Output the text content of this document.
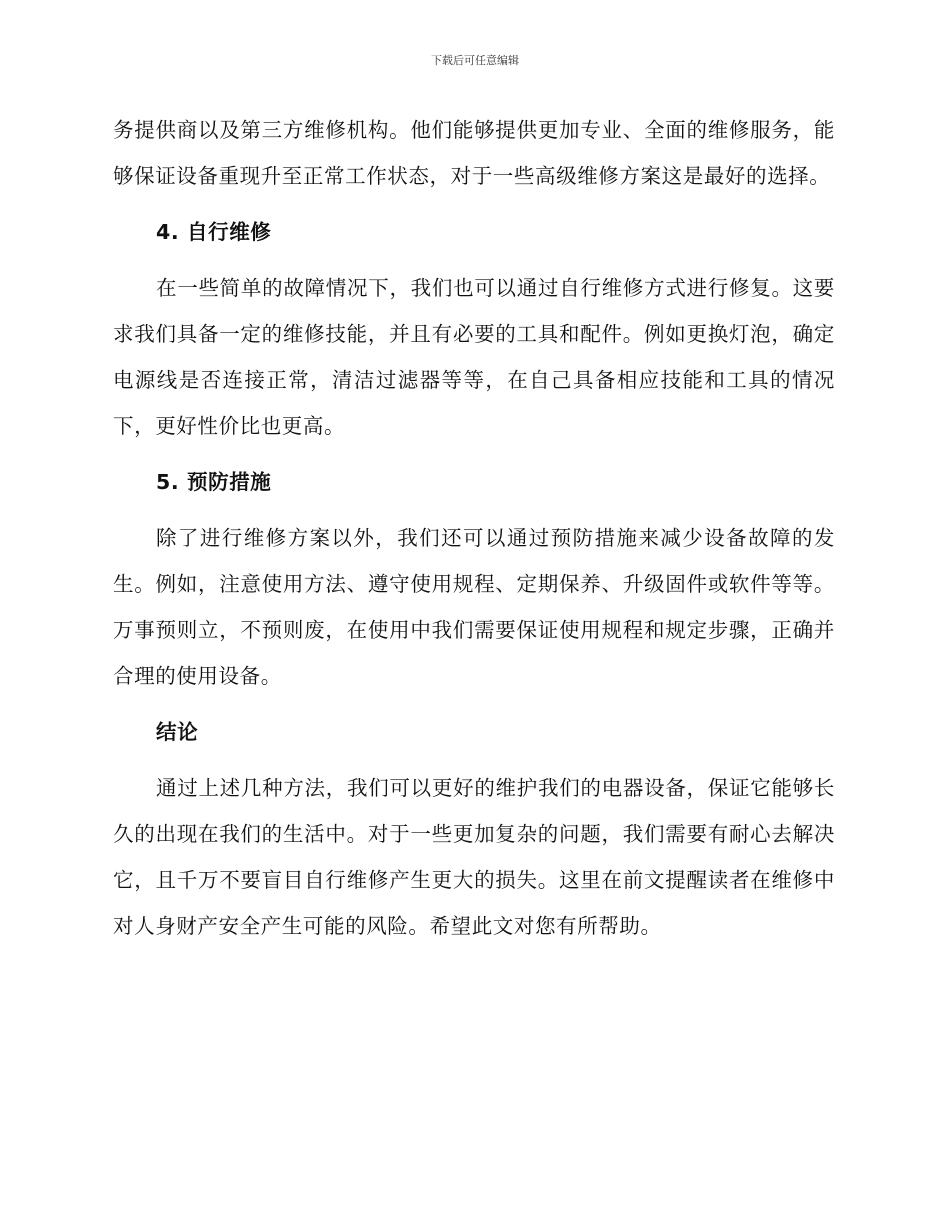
下载后可任意编辑

务提供商以及第三方维修机构。他们能够提供更加专业、全面的维修服务，能够保证设备重现升至正常工作状态，对于一些高级维修方案这是最好的选择。

4. 自行维修

在一些简单的故障情况下，我们也可以通过自行维修方式进行修复。这要求我们具备一定的维修技能，并且有必要的工具和配件。例如更换灯泡，确定电源线是否连接正常，清洁过滤器等等，在自己具备相应技能和工具的情况下，更好性价比也更高。

5. 预防措施

除了进行维修方案以外，我们还可以通过预防措施来减少设备故障的发生。例如，注意使用方法、遵守使用规程、定期保养、升级固件或软件等等。万事预则立，不预则废，在使用中我们需要保证使用规程和规定步骤，正确并合理的使用设备。

结论

通过上述几种方法，我们可以更好的维护我们的电器设备，保证它能够长久的出现在我们的生活中。对于一些更加复杂的问题，我们需要有耐心去解决它，且千万不要盲目自行维修产生更大的损失。这里在前文提醒读者在维修中对人身财产安全产生可能的风险。希望此文对您有所帮助。
